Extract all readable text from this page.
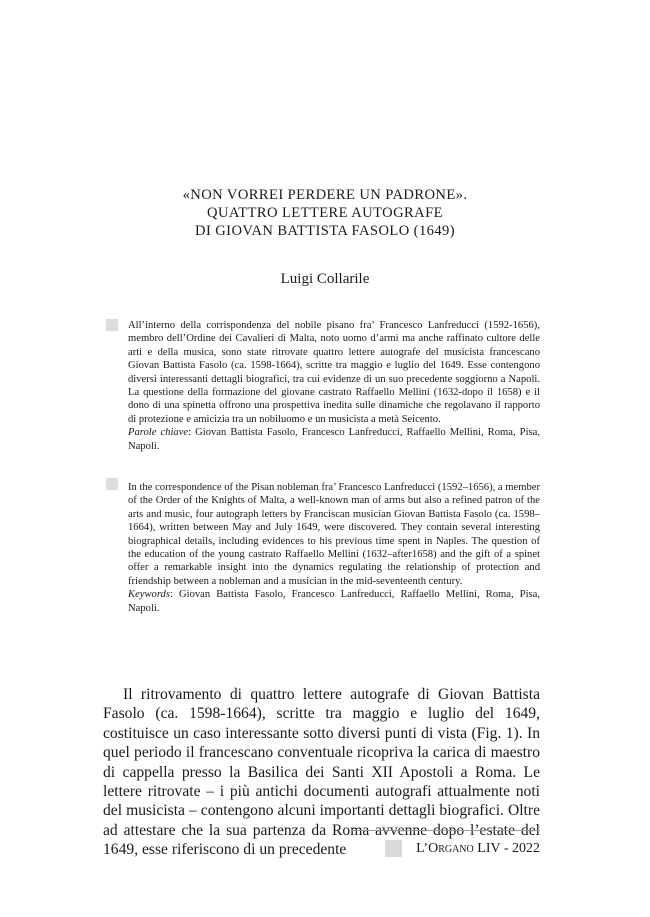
«NON VORREI PERDERE UN PADRONE».
QUATTRO LETTERE AUTOGRAFE
DI GIOVAN BATTISTA FASOLO (1649)
Luigi Collarile

All’interno della corrispondenza del nobile pisano fra’ Francesco Lanfreducci (1592-1656), membro dell’Ordine dei Cavalieri di Malta, noto uomo d’armi ma anche raffinato cultore delle arti e della musica, sono state ritrovate quattro lettere autografe del musicista francescano Giovan Battista Fasolo (ca. 1598-1664), scritte tra maggio e luglio del 1649. Esse contengono diversi interessanti dettagli biografici, tra cui evidenze di un suo precedente soggiorno a Napoli. La questione della formazione del giovane castrato Raffaello Mellini (1632-dopo il 1658) e il dono di una spinetta offrono una prospettiva inedita sulle dinamiche che regolavano il rapporto di protezione e amicizia tra un nobiluomo e un musicista a metà Seicento.

Parole chiave: Giovan Battista Fasolo, Francesco Lanfreducci, Raffaello Mellini, Roma, Pisa, Napoli.

In the correspondence of the Pisan nobleman fra’ Francesco Lanfreducci (1592–1656), a member of the Order of the Knights of Malta, a well-known man of arms but also a refined patron of the arts and music, four autograph letters by Franciscan musician Giovan Battista Fasolo (ca. 1598–1664), written between May and July 1649, were discovered. They contain several interesting biographical details, including evidences to his previous time spent in Naples. The question of the education of the young castrato Raffaello Mellini (1632–after1658) and the gift of a spinet offer a remarkable insight into the dynamics regulating the relationship of protection and friendship between a nobleman and a musician in the mid-seventeenth century.

Keywords: Giovan Battista Fasolo, Francesco Lanfreducci, Raffaello Mellini, Roma, Pisa, Napoli.

Il ritrovamento di quattro lettere autografe di Giovan Battista Fasolo (ca. 1598-1664), scritte tra maggio e luglio del 1649, costituisce un caso interessante sotto diversi punti di vista (Fig. 1). In quel periodo il francescano conventuale ricopriva la carica di maestro di cappella presso la Basilica dei Santi XII Apostoli a Roma. Le lettere ritrovate – i più antichi documenti autografi attualmente noti del musicista – contengono alcuni importanti dettagli biografici. Oltre ad attestare che la sua partenza da Roma avvenne dopo l’estate del 1649, esse riferiscono di un precedente	L’Organo LIV - 2022
